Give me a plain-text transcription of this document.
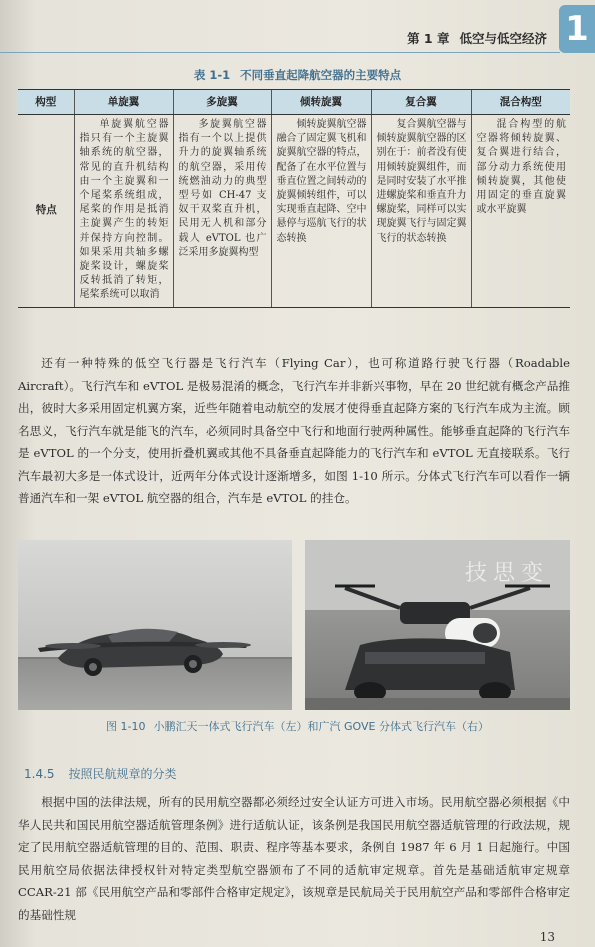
第 1 章 低空与低空经济 1
表 1-1 不同垂直起降航空器的主要特点
构型	单旋翼	多旋翼	倾转旋翼	复合翼	混合构型
特点	单旋翼航空器指只有一个主旋翼轴系统的航空器，常见的直升机结构由一个主旋翼和一个尾桨系统组成，尾桨的作用是抵消主旋翼产生的转矩并保持方向控制。如果采用共轴多螺旋桨设计，螺旋桨反转抵消了转矩，尾桨系统可以取消	多旋翼航空器指有一个以上提供升力的旋翼轴系统的航空器，采用传统燃油动力的典型型号如 CH-47 支奴干双桨直升机，民用无人机和部分载人 eVTOL 也广泛采用多旋翼构型	倾转旋翼航空器融合了固定翼飞机和旋翼航空器的特点，配备了在水平位置与垂直位置之间转动的旋翼倾转组件，可以实现垂直起降、空中悬停与巡航飞行的状态转换	复合翼航空器与倾转旋翼航空器的区别在于：前者没有使用倾转旋翼组件，而是同时安装了水平推进螺旋桨和垂直升力螺旋桨，同样可以实现旋翼飞行与固定翼飞行的状态转换	混合构型的航空器将倾转旋翼、复合翼进行结合，部分动力系统使用倾转旋翼，其他使用固定的垂直旋翼或水平旋翼

还有一种特殊的低空飞行器是飞行汽车（Flying Car），也可称道路行驶飞行器（Roadable Aircraft）。飞行汽车和 eVTOL 是极易混淆的概念，飞行汽车并非新兴事物，早在 20 世纪就有概念产品推出，彼时大多采用固定机翼方案，近些年随着电动航空的发展才使得垂直起降方案的飞行汽车成为主流。顾名思义，飞行汽车就是能飞的汽车，必须同时具备空中飞行和地面行驶两种属性。能够垂直起降的飞行汽车是 eVTOL 的一个分支，使用折叠机翼或其他不具备垂直起降能力的飞行汽车和 eVTOL 无直接联系。飞行汽车最初大多是一体式设计，近两年分体式设计逐渐增多，如图 1-10 所示。分体式飞行汽车可以看作一辆普通汽车和一架 eVTOL 航空器的组合，汽车是 eVTOL 的挂仓。

技思变
图 1-10 小鹏汇天一体式飞行汽车（左）和广汽 GOVE 分体式飞行汽车（右）
1.4.5 按照民航规章的分类

根据中国的法律法规，所有的民用航空器都必须经过安全认证方可进入市场。民用航空器必须根据《中华人民共和国民用航空器适航管理条例》进行适航认证，该条例是我国民用航空器适航管理的行政法规，规定了民用航空器适航管理的目的、范围、职责、程序等基本要求，条例自 1987 年 6 月 1 日起施行。中国民用航空局依据法律授权针对特定类型航空器颁布了不同的适航审定规章。首先是基础适航审定规章 CCAR-21 部《民用航空产品和零部件合格审定规定》，该规章是民航局关于民用航空产品和零部件合格审定的基础性规

13
